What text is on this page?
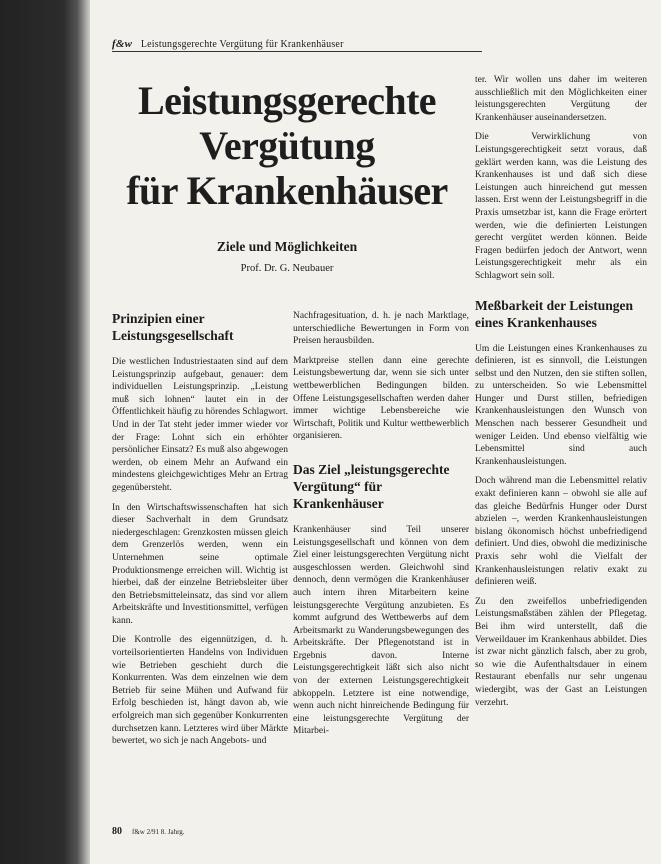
f&w Leistungsgerechte Vergütung für Krankenhäuser
Leistungsgerechte
Vergütung
für Krankenhäuser

Ziele und Möglichkeiten

Prof. Dr. G. Neubauer

Prinzipien einer Leistungsgesellschaft

Die westlichen Industriestaaten sind auf dem Leistungsprinzip aufgebaut, genauer: dem individuellen Leistungsprinzip. „Leistung muß sich lohnen“ lautet ein in der Öffentlichkeit häufig zu hörendes Schlagwort. Und in der Tat steht jeder immer wieder vor der Frage: Lohnt sich ein erhöhter persönlicher Einsatz? Es muß also abgewogen werden, ob einem Mehr an Aufwand ein mindestens gleichgewichtiges Mehr an Ertrag gegenübersteht.

In den Wirtschaftswissenschaften hat sich dieser Sachverhalt in dem Grundsatz niedergeschlagen: Grenzkosten müssen gleich dem Grenzerlös werden, wenn ein Unternehmen seine optimale Produktionsmenge erreichen will. Wichtig ist hierbei, daß der einzelne Betriebsleiter über den Betriebsmitteleinsatz, das sind vor allem Arbeitskräfte und Investitionsmittel, verfügen kann.

Die Kontrolle des eigennützigen, d. h. vorteilsorientierten Handelns von Individuen wie Betrieben geschieht durch die Konkurrenten. Was dem einzelnen wie dem Betrieb für seine Mühen und Aufwand für Erfolg beschieden ist, hängt davon ab, wie erfolgreich man sich gegenüber Konkurrenten durchsetzen kann. Letzteres wird über Märkte bewertet, wo sich je nach Angebots- und

Nachfragesituation, d. h. je nach Marktlage, unterschiedliche Bewertungen in Form von Preisen herausbilden.

Marktpreise stellen dann eine gerechte Leistungsbewertung dar, wenn sie sich unter wettbewerblichen Bedingungen bilden. Offene Leistungsgesellschaften werden daher immer wichtige Lebensbereiche wie Wirtschaft, Politik und Kultur wettbewerblich organisieren.

Das Ziel „leistungsgerechte Vergütung“ für Krankenhäuser

Krankenhäuser sind Teil unserer Leistungsgesellschaft und können von dem Ziel einer leistungsgerechten Vergütung nicht ausgeschlossen werden. Gleichwohl sind dennoch, denn vermögen die Krankenhäuser auch intern ihren Mitarbeitern keine leistungsgerechte Vergütung anzubieten. Es kommt aufgrund des Wettbewerbs auf dem Arbeitsmarkt zu Wanderungsbewegungen des Arbeitskräfte. Der Pflegenotstand ist in Ergebnis davon. Interne Leistungsgerechtigkeit läßt sich also nicht von der externen Leistungsgerechtigkeit abkoppeln. Letztere ist eine notwendige, wenn auch nicht hinreichende Bedingung für eine leistungsgerechte Vergütung der Mitarbei-

ter. Wir wollen uns daher im weiteren ausschließlich mit den Möglichkeiten einer leistungsgerechten Vergütung der Krankenhäuser auseinandersetzen.

Die Verwirklichung von Leistungsgerechtigkeit setzt voraus, daß geklärt werden kann, was die Leistung des Krankenhauses ist und daß sich diese Leistungen auch hinreichend gut messen lassen. Erst wenn der Leistungsbegriff in die Praxis umsetzbar ist, kann die Frage erörtert werden, wie die definierten Leistungen gerecht vergütet werden können. Beide Fragen bedürfen jedoch der Antwort, wenn Leistungsgerechtigkeit mehr als ein Schlagwort sein soll.

Meßbarkeit der Leistungen eines Krankenhauses

Um die Leistungen eines Krankenhauses zu definieren, ist es sinnvoll, die Leistungen selbst und den Nutzen, den sie stiften sollen, zu unterscheiden. So wie Lebensmittel Hunger und Durst stillen, befriedigen Krankenhausleistungen den Wunsch von Menschen nach besserer Gesundheit und weniger Leiden. Und ebenso vielfältig wie Lebensmittel sind auch Krankenhausleistungen.

Doch während man die Lebensmittel relativ exakt definieren kann – obwohl sie alle auf das gleiche Bedürfnis Hunger oder Durst abzielen –, werden Krankenhausleistungen bislang ökonomisch höchst unbefriedigend definiert. Und dies, obwohl die medizinische Praxis sehr wohl die Vielfalt der Krankenhausleistungen relativ exakt zu definieren weiß.

Zu den zweifellos unbefriedigenden Leistungsmaßstäben zählen der Pflegetag. Bei ihm wird unterstellt, daß die Verweildauer im Krankenhaus abbildet. Dies ist zwar nicht gänzlich falsch, aber zu grob, so wie die Aufenthaltsdauer in einem Restaurant ebenfalls nur sehr ungenau wiedergibt, was der Gast an Leistungen verzehrt.

80 f&w 2/91 8. Jahrg.
